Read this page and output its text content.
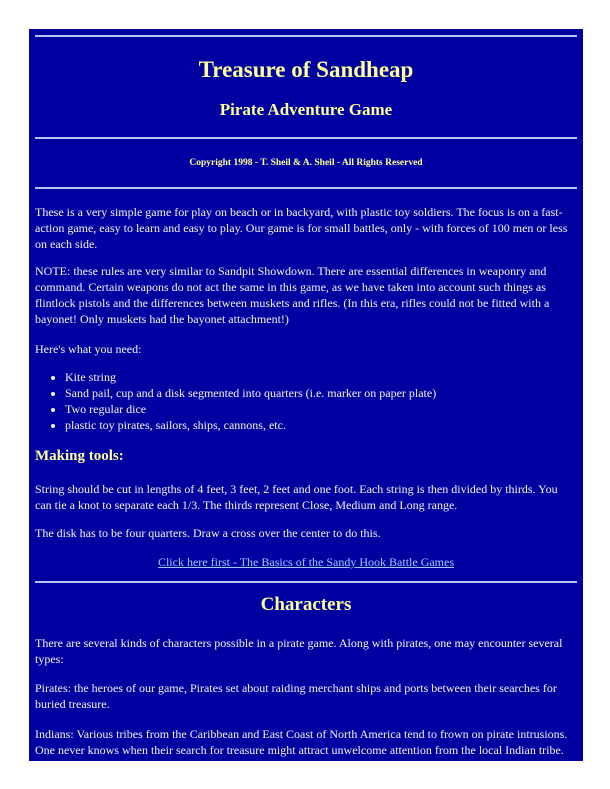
Treasure of Sandheap
Pirate Adventure Game

Copyright 1998 - T. Sheil & A. Sheil - All Rights Reserved

These is a very simple game for play on beach or in backyard, with plastic toy soldiers. The focus is on a fast-action game, easy to learn and easy to play. Our game is for small battles, only - with forces of 100 men or less on each side.

NOTE: these rules are very similar to Sandpit Showdown. There are essential differences in weaponry and command. Certain weapons do not act the same in this game, as we have taken into account such things as flintlock pistols and the differences between muskets and rifles. (In this era, rifles could not be fitted with a bayonet! Only muskets had the bayonet attachment!)

Here's what you need:

• Kite string
• Sand pail, cup and a disk segmented into quarters (i.e. marker on paper plate)
• Two regular dice
• plastic toy pirates, sailors, ships, cannons, etc.
Making tools:

String should be cut in lengths of 4 feet, 3 feet, 2 feet and one foot. Each string is then divided by thirds. You can tie a knot to separate each 1/3. The thirds represent Close, Medium and Long range.

The disk has to be four quarters. Draw a cross over the center to do this.

Click here first - The Basics of the Sandy Hook Battle Games

Characters

There are several kinds of characters possible in a pirate game. Along with pirates, one may encounter several types:

Pirates: the heroes of our game, Pirates set about raiding merchant ships and ports between their searches for buried treasure.

Indians: Various tribes from the Caribbean and East Coast of North America tend to frown on pirate intrusions. One never knows when their search for treasure might attract unwelcome attention from the local Indian tribe.
